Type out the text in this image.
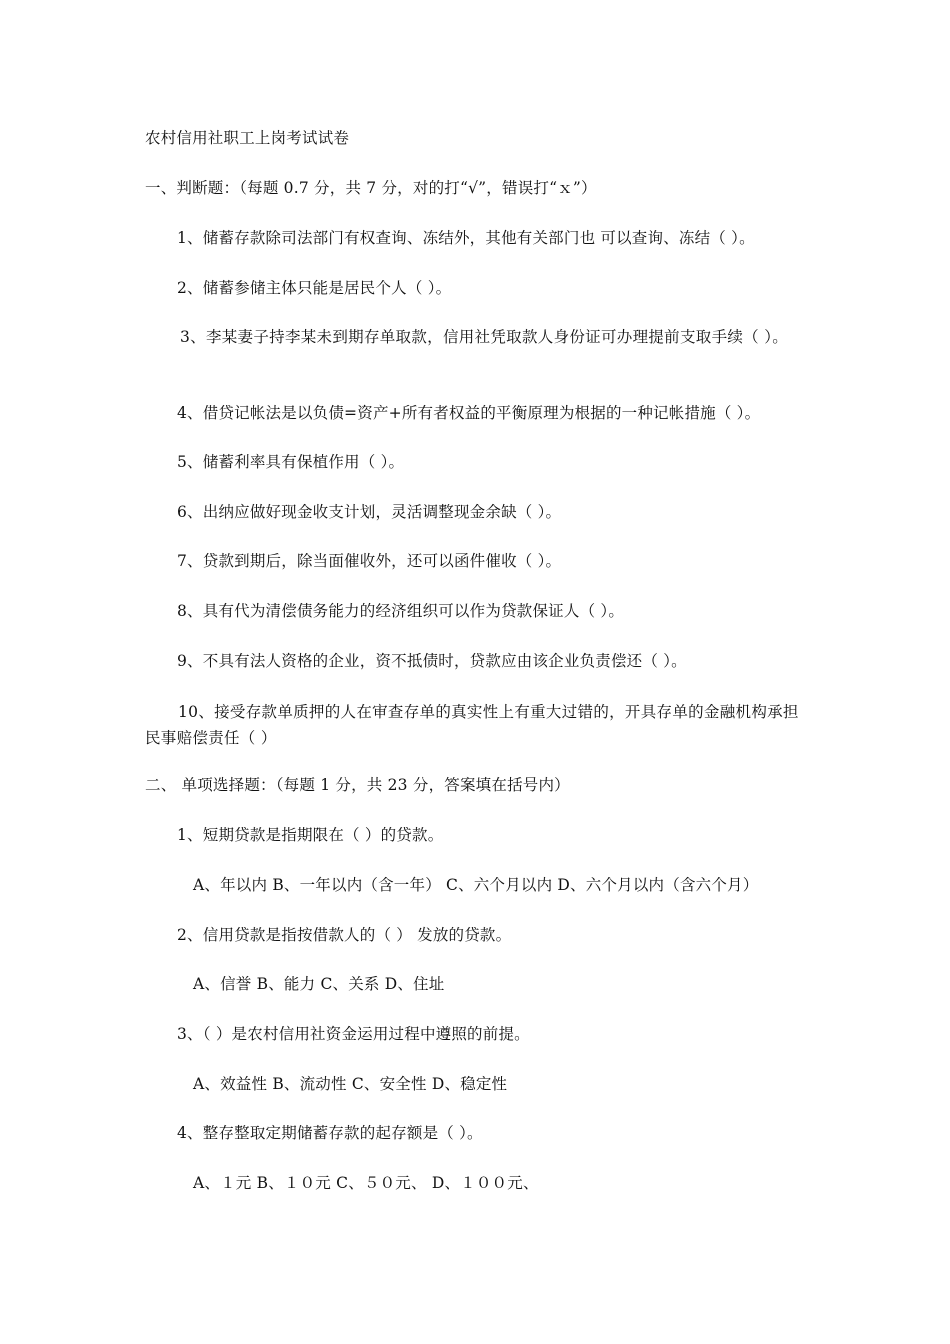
农村信用社职工上岗考试试卷
一、判断题：（每题 0.7 分，共 7 分，对的打“√”，错误打“ｘ”）
1、储蓄存款除司法部门有权查询、冻结外，其他有关部门也 可以查询、冻结（ ）。
2、储蓄参储主体只能是居民个人（ ）。
3、李某妻子持李某未到期存单取款，信用社凭取款人身份证可办理提前支取手续（ ）。
4、借贷记帐法是以负债=资产+所有者权益的平衡原理为根据的一种记帐措施（ ）。
5、储蓄利率具有保植作用（ ）。
6、出纳应做好现金收支计划，灵活调整现金余缺（ ）。
7、贷款到期后，除当面催收外，还可以函件催收（ ）。
8、具有代为清偿债务能力的经济组织可以作为贷款保证人（ ）。
9、不具有法人资格的企业，资不抵债时，贷款应由该企业负责偿还（ ）。
10、接受存款单质押的人在审查存单的真实性上有重大过错的，开具存单的金融机构承担民事赔偿责任（ ）
二、 单项选择题：（每题 1 分，共 23 分，答案填在括号内）
1、短期贷款是指期限在（ ）的贷款。
A、年以内 B、一年以内（含一年） C、六个月以内 D、六个月以内（含六个月）
2、信用贷款是指按借款人的（ ） 发放的贷款。
A、信誉 B、能力 C、关系 D、住址
3、（ ）是农村信用社资金运用过程中遵照的前提。
A、效益性 B、流动性 C、安全性 D、稳定性
4、整存整取定期储蓄存款的起存额是（ ）。
A、１元 B、１０元 C、５０元、 D、１００元、
